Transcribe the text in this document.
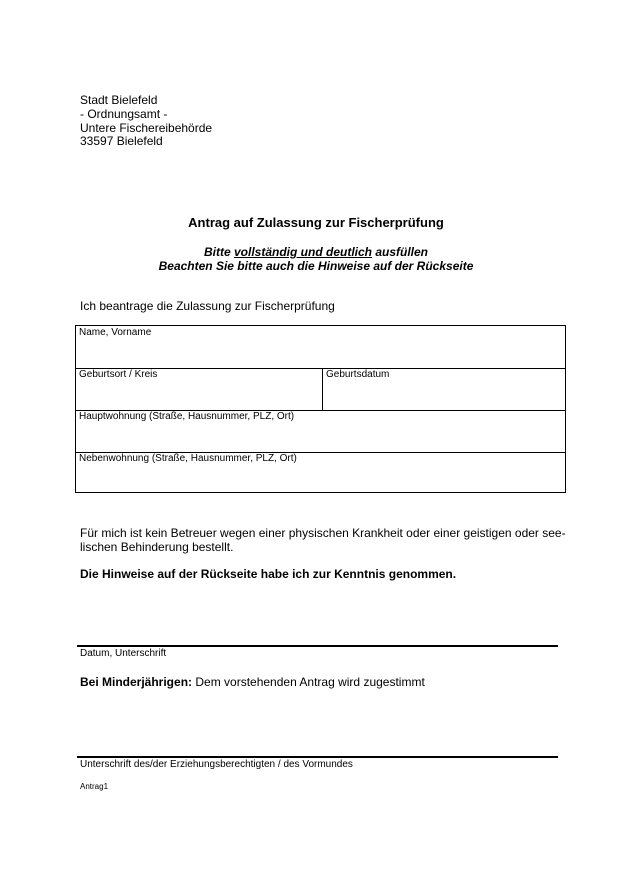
Stadt Bielefeld
- Ordnungsamt -
Untere Fischereibehörde
33597 Bielefeld
Antrag auf Zulassung zur Fischerprüfung
Bitte vollständig und deutlich ausfüllen
Beachten Sie bitte auch die Hinweise auf der Rückseite
Ich beantrage die Zulassung zur Fischerprüfung
Name, Vorname
Geburtsort / Kreis	Geburtsdatum
Hauptwohnung (Straße, Hausnummer, PLZ, Ort)
Nebenwohnung (Straße, Hausnummer, PLZ, Ort)
Für mich ist kein Betreuer wegen einer physischen Krankheit oder einer geistigen oder see-
lischen Behinderung bestellt.
Die Hinweise auf der Rückseite habe ich zur Kenntnis genommen.
Datum, Unterschrift
Bei Minderjährigen: Dem vorstehenden Antrag wird zugestimmt
Unterschrift des/der Erziehungsberechtigten / des Vormundes
Antrag1
